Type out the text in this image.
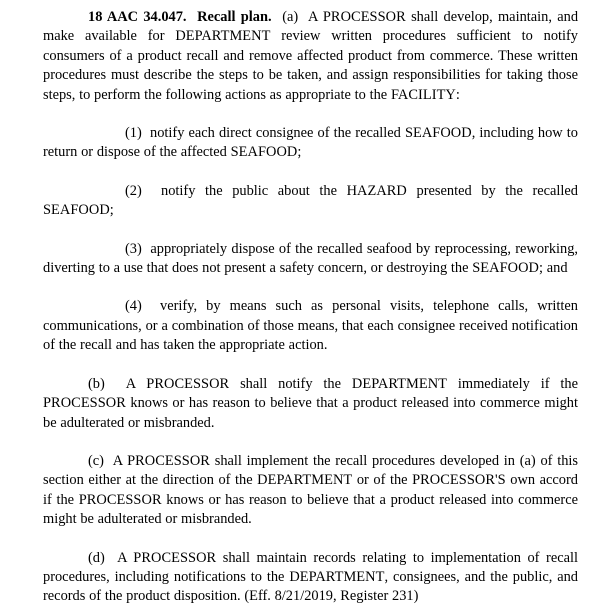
18 AAC 34.047. Recall plan. (a) A PROCESSOR shall develop, maintain, and make available for DEPARTMENT review written procedures sufficient to notify consumers of a product recall and remove affected product from commerce. These written procedures must describe the steps to be taken, and assign responsibilities for taking those steps, to perform the following actions as appropriate to the FACILITY:

(1) notify each direct consignee of the recalled SEAFOOD, including how to return or dispose of the affected SEAFOOD;

(2) notify the public about the HAZARD presented by the recalled SEAFOOD;

(3) appropriately dispose of the recalled seafood by reprocessing, reworking, diverting to a use that does not present a safety concern, or destroying the SEAFOOD; and

(4) verify, by means such as personal visits, telephone calls, written communications, or a combination of those means, that each consignee received notification of the recall and has taken the appropriate action.

(b) A PROCESSOR shall notify the DEPARTMENT immediately if the PROCESSOR knows or has reason to believe that a product released into commerce might be adulterated or misbranded.

(c) A PROCESSOR shall implement the recall procedures developed in (a) of this section either at the direction of the DEPARTMENT or of the PROCESSOR'S own accord if the PROCESSOR knows or has reason to believe that a product released into commerce might be adulterated or misbranded.

(d) A PROCESSOR shall maintain records relating to implementation of recall procedures, including notifications to the DEPARTMENT, consignees, and the public, and records of the product disposition. (Eff. 8/21/2019, Register 231)
